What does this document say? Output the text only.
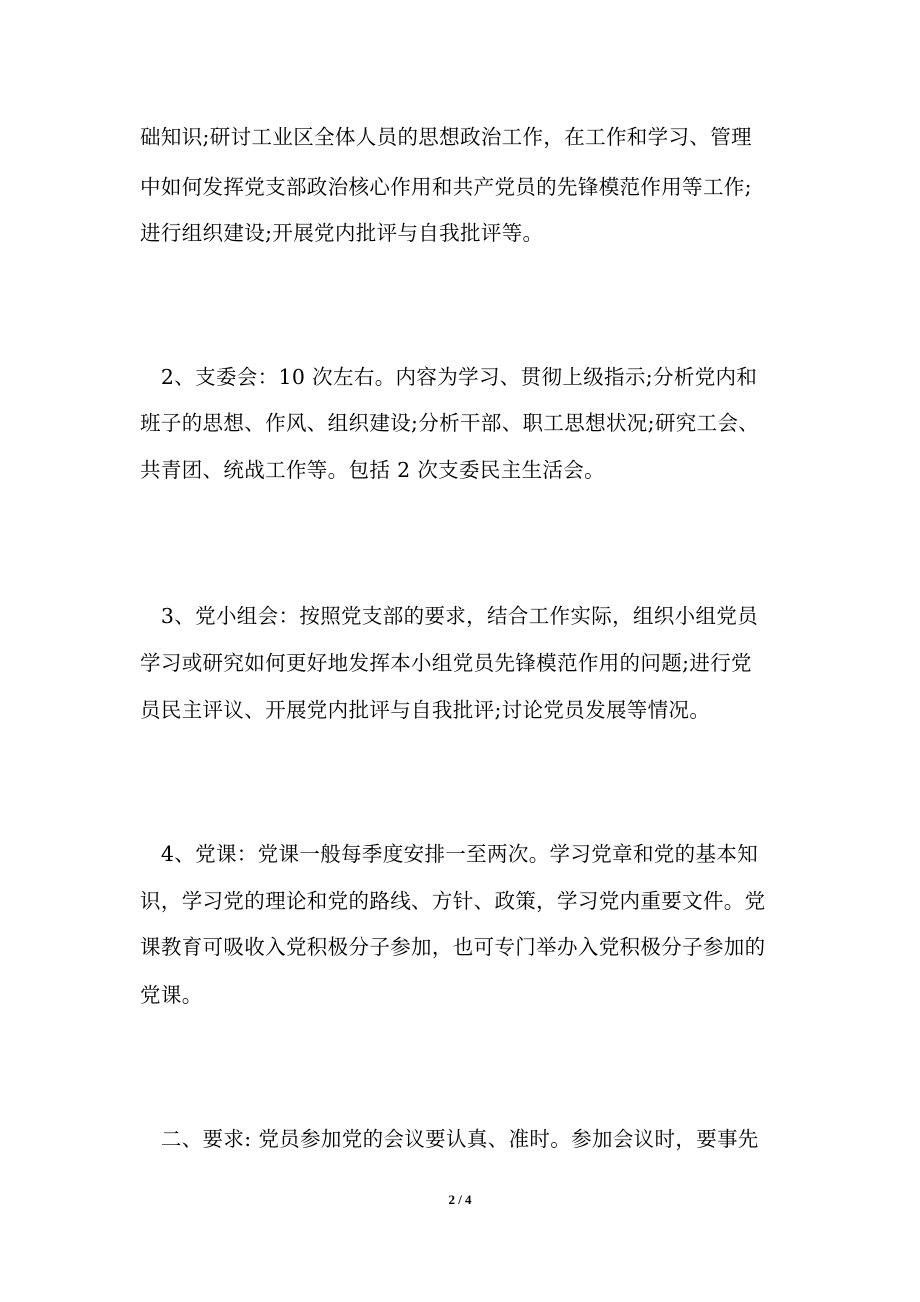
础知识;研讨工业区全体人员的思想政治工作，在工作和学习、管理
中如何发挥党支部政治核心作用和共产党员的先锋模范作用等工作;
进行组织建设;开展党内批评与自我批评等。
　2、支委会：10 次左右。内容为学习、贯彻上级指示;分析党内和
班子的思想、作风、组织建设;分析干部、职工思想状况;研究工会、
共青团、统战工作等。包括 2 次支委民主生活会。
　3、党小组会：按照党支部的要求，结合工作实际，组织小组党员
学习或研究如何更好地发挥本小组党员先锋模范作用的问题;进行党
员民主评议、开展党内批评与自我批评;讨论党员发展等情况。
　4、党课：党课一般每季度安排一至两次。学习党章和党的基本知
识，学习党的理论和党的路线、方针、政策，学习党内重要文件。党
课教育可吸收入党积极分子参加，也可专门举办入党积极分子参加的
党课。
　二、要求: 党员参加党的会议要认真、准时。参加会议时，要事先
2 / 4
